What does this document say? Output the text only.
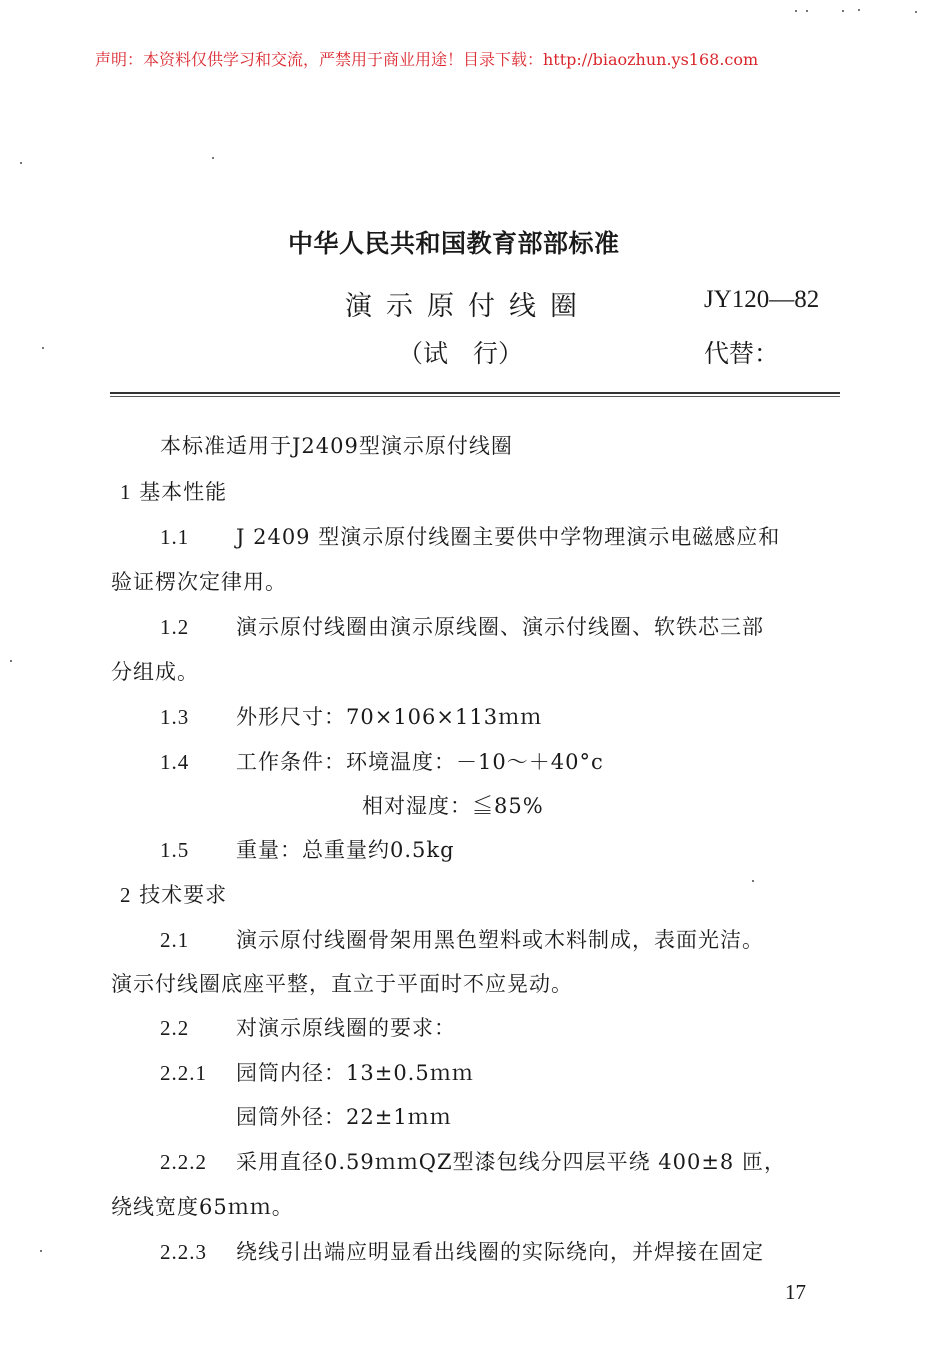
声明：本资料仅供学习和交流，严禁用于商业用途！目录下载：http://biaozhun.ys168.com
中华人民共和国教育部部标准
演示原付线圈	JY120—82
（试　行）	代替：
本标准适用于J2409型演示原付线圈
1 基本性能
1.1 J 2409 型演示原付线圈主要供中学物理演示电磁感应和
验证楞次定律用。
1.2 演示原付线圈由演示原线圈、演示付线圈、软铁芯三部
分组成。
1.3 外形尺寸：70×106×113ｍｍ
1.4 工作条件：环境温度：－10～＋40°c
相对湿度：≦85%
1.5 重量：总重量约0.5kg
2 技术要求
2.1 演示原付线圈骨架用黑色塑料或木料制成，表面光洁。
演示付线圈底座平整，直立于平面时不应晃动。
2.2 对演示原线圈的要求：
2.2.1 园筒内径：13±0.5ｍｍ
园筒外径：22±1ｍｍ
2.2.2 采用直径0.59ｍｍQZ型漆包线分四层平绕 400±8 匝，
绕线宽度65ｍｍ。
2.2.3 绕线引出端应明显看出线圈的实际绕向，并焊接在固定
17
